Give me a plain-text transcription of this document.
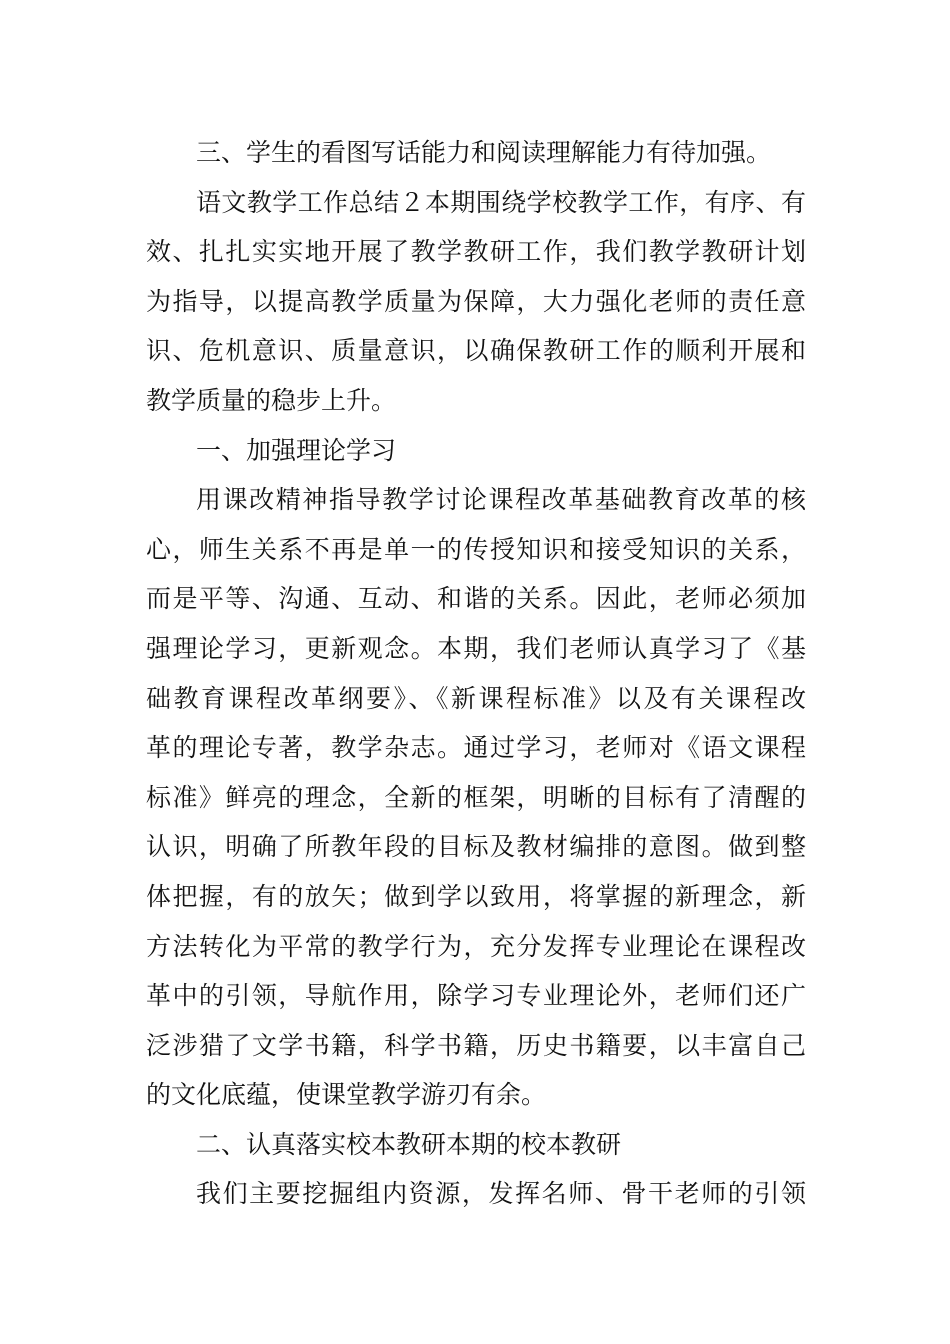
三、学生的看图写话能力和阅读理解能力有待加强。
语文教学工作总结２本期围绕学校教学工作，有序、有
效、扎扎实实地开展了教学教研工作，我们教学教研计划
为指导，以提高教学质量为保障，大力强化老师的责任意
识、危机意识、质量意识，以确保教研工作的顺利开展和
教学质量的稳步上升。
一、加强理论学习
用课改精神指导教学讨论课程改革基础教育改革的核
心，师生关系不再是单一的传授知识和接受知识的关系，
而是平等、沟通、互动、和谐的关系。因此，老师必须加
强理论学习，更新观念。本期，我们老师认真学习了《基
础教育课程改革纲要》、《新课程标准》以及有关课程改
革的理论专著，教学杂志。通过学习，老师对《语文课程
标准》鲜亮的理念，全新的框架，明晰的目标有了清醒的
认识，明确了所教年段的目标及教材编排的意图。做到整
体把握，有的放矢；做到学以致用，将掌握的新理念，新
方法转化为平常的教学行为，充分发挥专业理论在课程改
革中的引领，导航作用，除学习专业理论外，老师们还广
泛涉猎了文学书籍，科学书籍，历史书籍要，以丰富自己
的文化底蕴，使课堂教学游刃有余。
二、认真落实校本教研本期的校本教研
我们主要挖掘组内资源，发挥名师、骨干老师的引领
